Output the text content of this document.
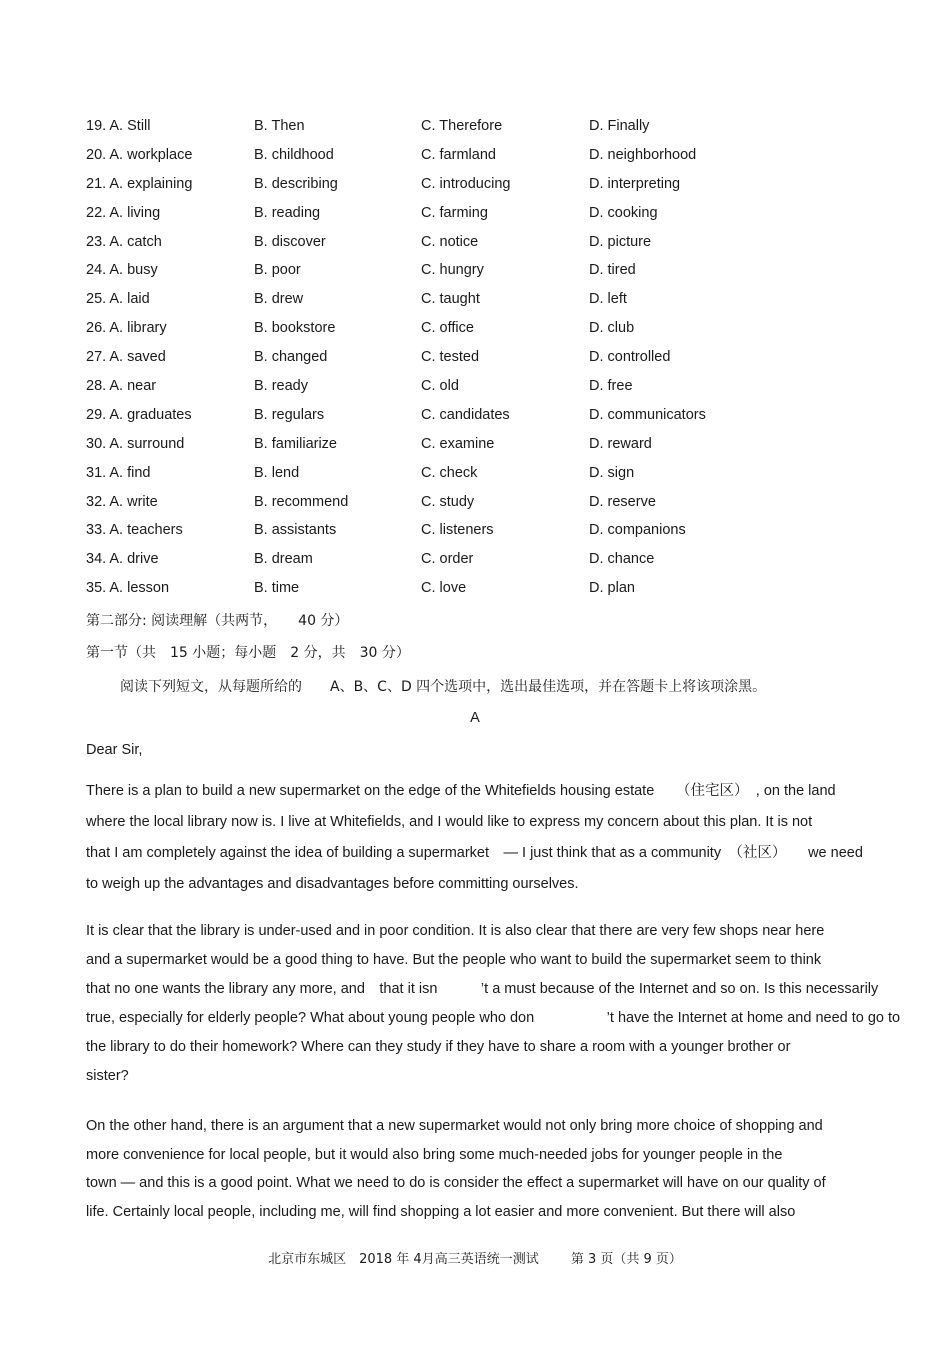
19. A. Still	B. Then	C. Therefore	D. Finally
20. A. workplace	B. childhood	C. farmland	D. neighborhood
21. A. explaining	B. describing	C. introducing	D. interpreting
22. A. living	B. reading	C. farming	D. cooking
23. A. catch	B. discover	C. notice	D. picture
24. A. busy	B. poor	C. hungry	D. tired
25. A. laid	B. drew	C. taught	D. left
26. A. library	B. bookstore	C. office	D. club
27. A. saved	B. changed	C. tested	D. controlled
28. A. near	B. ready	C. old	D. free
29. A. graduates	B. regulars	C. candidates	D. communicators
30. A. surround	B. familiarize	C. examine	D. reward
31. A. find	B. lend	C. check	D. sign
32. A. write	B. recommend	C. study	D. reserve
33. A. teachers	B. assistants	C. listeners	D. companions
34. A. drive	B. dream	C. order	D. chance
35. A. lesson	B. time	C. love	D. plan
第二部分: 阅读理解（共两节，　　40 分）
第一节（共　15 小题；每小题　2 分，共　30 分）
阅读下列短文，从每题所给的　　A、B、C、D 四个选项中，选出最佳选项，并在答题卡上将该项涂黑。
A
Dear Sir,
There is a plan to build a new supermarket on the edge of the Whitefields housing estate　　（住宅区）　, on the land
where the local library now is. I live at Whitefields, and I would like to express my concern about this plan. It is not
that I am completely against the idea of building a supermarket　— I just think that as a community　（社区）　　we need
to weigh up the advantages and disadvantages before committing ourselves.
It is clear that the library is under-used and in poor condition. It is also clear that there are very few shops near here
and a supermarket would be a good thing to have. But the people who want to build the supermarket seem to think
that no one wants the library any more, and　that it isn　　　’t a must because of the Internet and so on. Is this necessarily
true, especially for elderly people? What about young people who don　　　　　’t have the Internet at home and need to go to
the library to do their homework? Where can they study if they have to share a room with a younger brother or
sister?
On the other hand, there is an argument that a new supermarket would not only bring more choice of shopping and
more convenience for local people, but it would also bring some much-needed jobs for younger people in the
town — and this is a good point. What we need to do is consider the effect a supermarket will have on our quality of
life. Certainly local people, including me, will find shopping a lot easier and more convenient. But there will also
北京市东城区　2018 年 4月高三英语统一测试 第 3 页（共 9 页）
